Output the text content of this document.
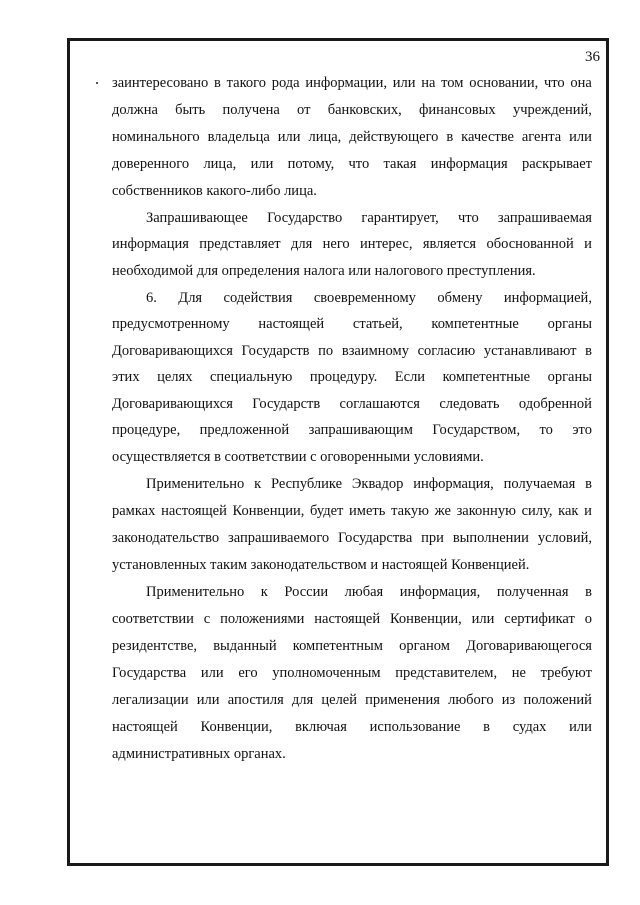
36
заинтересовано в такого рода информации, или на том основании, что она
должна быть получена от банковских, финансовых учреждений,
номинального владельца или лица, действующего в качестве агента или
доверенного лица, или потому, что такая информация раскрывает
собственников какого-либо лица.
Запрашивающее Государство гарантирует, что запрашиваемая
информация представляет для него интерес, является обоснованной и
необходимой для определения налога или налогового преступления.
6. Для содействия своевременному обмену информацией,
предусмотренному настоящей статьей, компетентные органы
Договаривающихся Государств по взаимному согласию устанавливают в
этих целях специальную процедуру. Если компетентные органы
Договаривающихся Государств соглашаются следовать одобренной
процедуре, предложенной запрашивающим Государством, то это
осуществляется в соответствии с оговоренными условиями.
Применительно к Республике Эквадор информация, получаемая в
рамках настоящей Конвенции, будет иметь такую же законную силу, как и
законодательство запрашиваемого Государства при выполнении условий,
установленных таким законодательством и настоящей Конвенцией.
Применительно к России любая информация, полученная в
соответствии с положениями настоящей Конвенции, или сертификат о
резидентстве, выданный компетентным органом Договаривающегося
Государства или его уполномоченным представителем, не требуют
легализации или апостиля для целей применения любого из положений
настоящей Конвенции, включая использование в судах или
административных органах.
